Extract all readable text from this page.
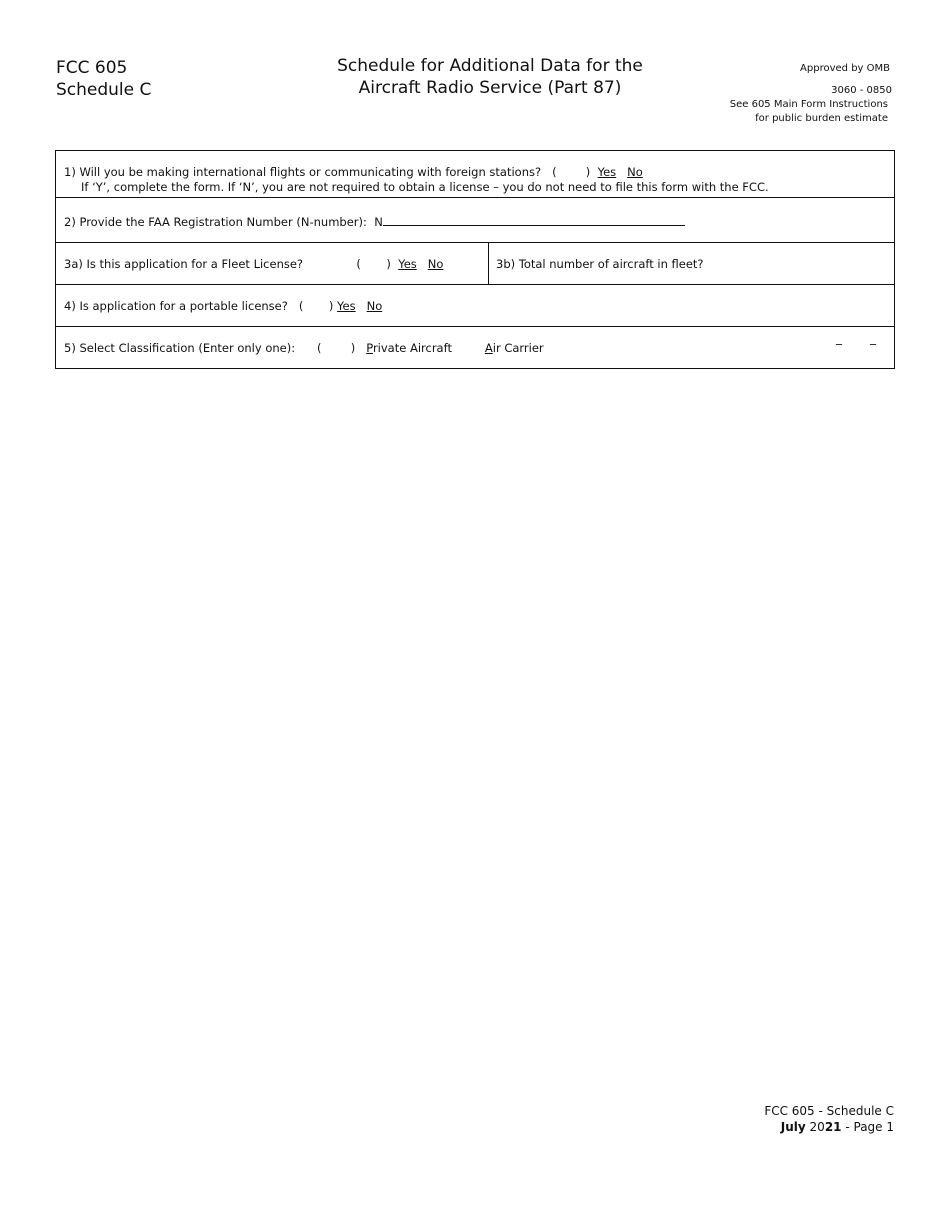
FCC 605
Schedule C
Schedule for Additional Data for the
Aircraft Radio Service (Part 87)
Approved by OMB
3060 - 0850
See 605 Main Form Instructions
for public burden estimate
1) Will you be making international flights or communicating with foreign stations? (        ) Yes No
If ‘Y’, complete the form. If ‘N’, you are not required to obtain a license – you do not need to file this form with the FCC.
2) Provide the FAA Registration Number (N-number): N
3a) Is this application for a Fleet License?	(       ) Yes No	3b) Total number of aircraft in fleet?
4) Is application for a portable license? (       ) Yes No
5) Select Classification (Enter only one): (        ) Private Aircraft	Air Carrier
_ _
FCC 605 - Schedule C
July 2021 - Page 1
